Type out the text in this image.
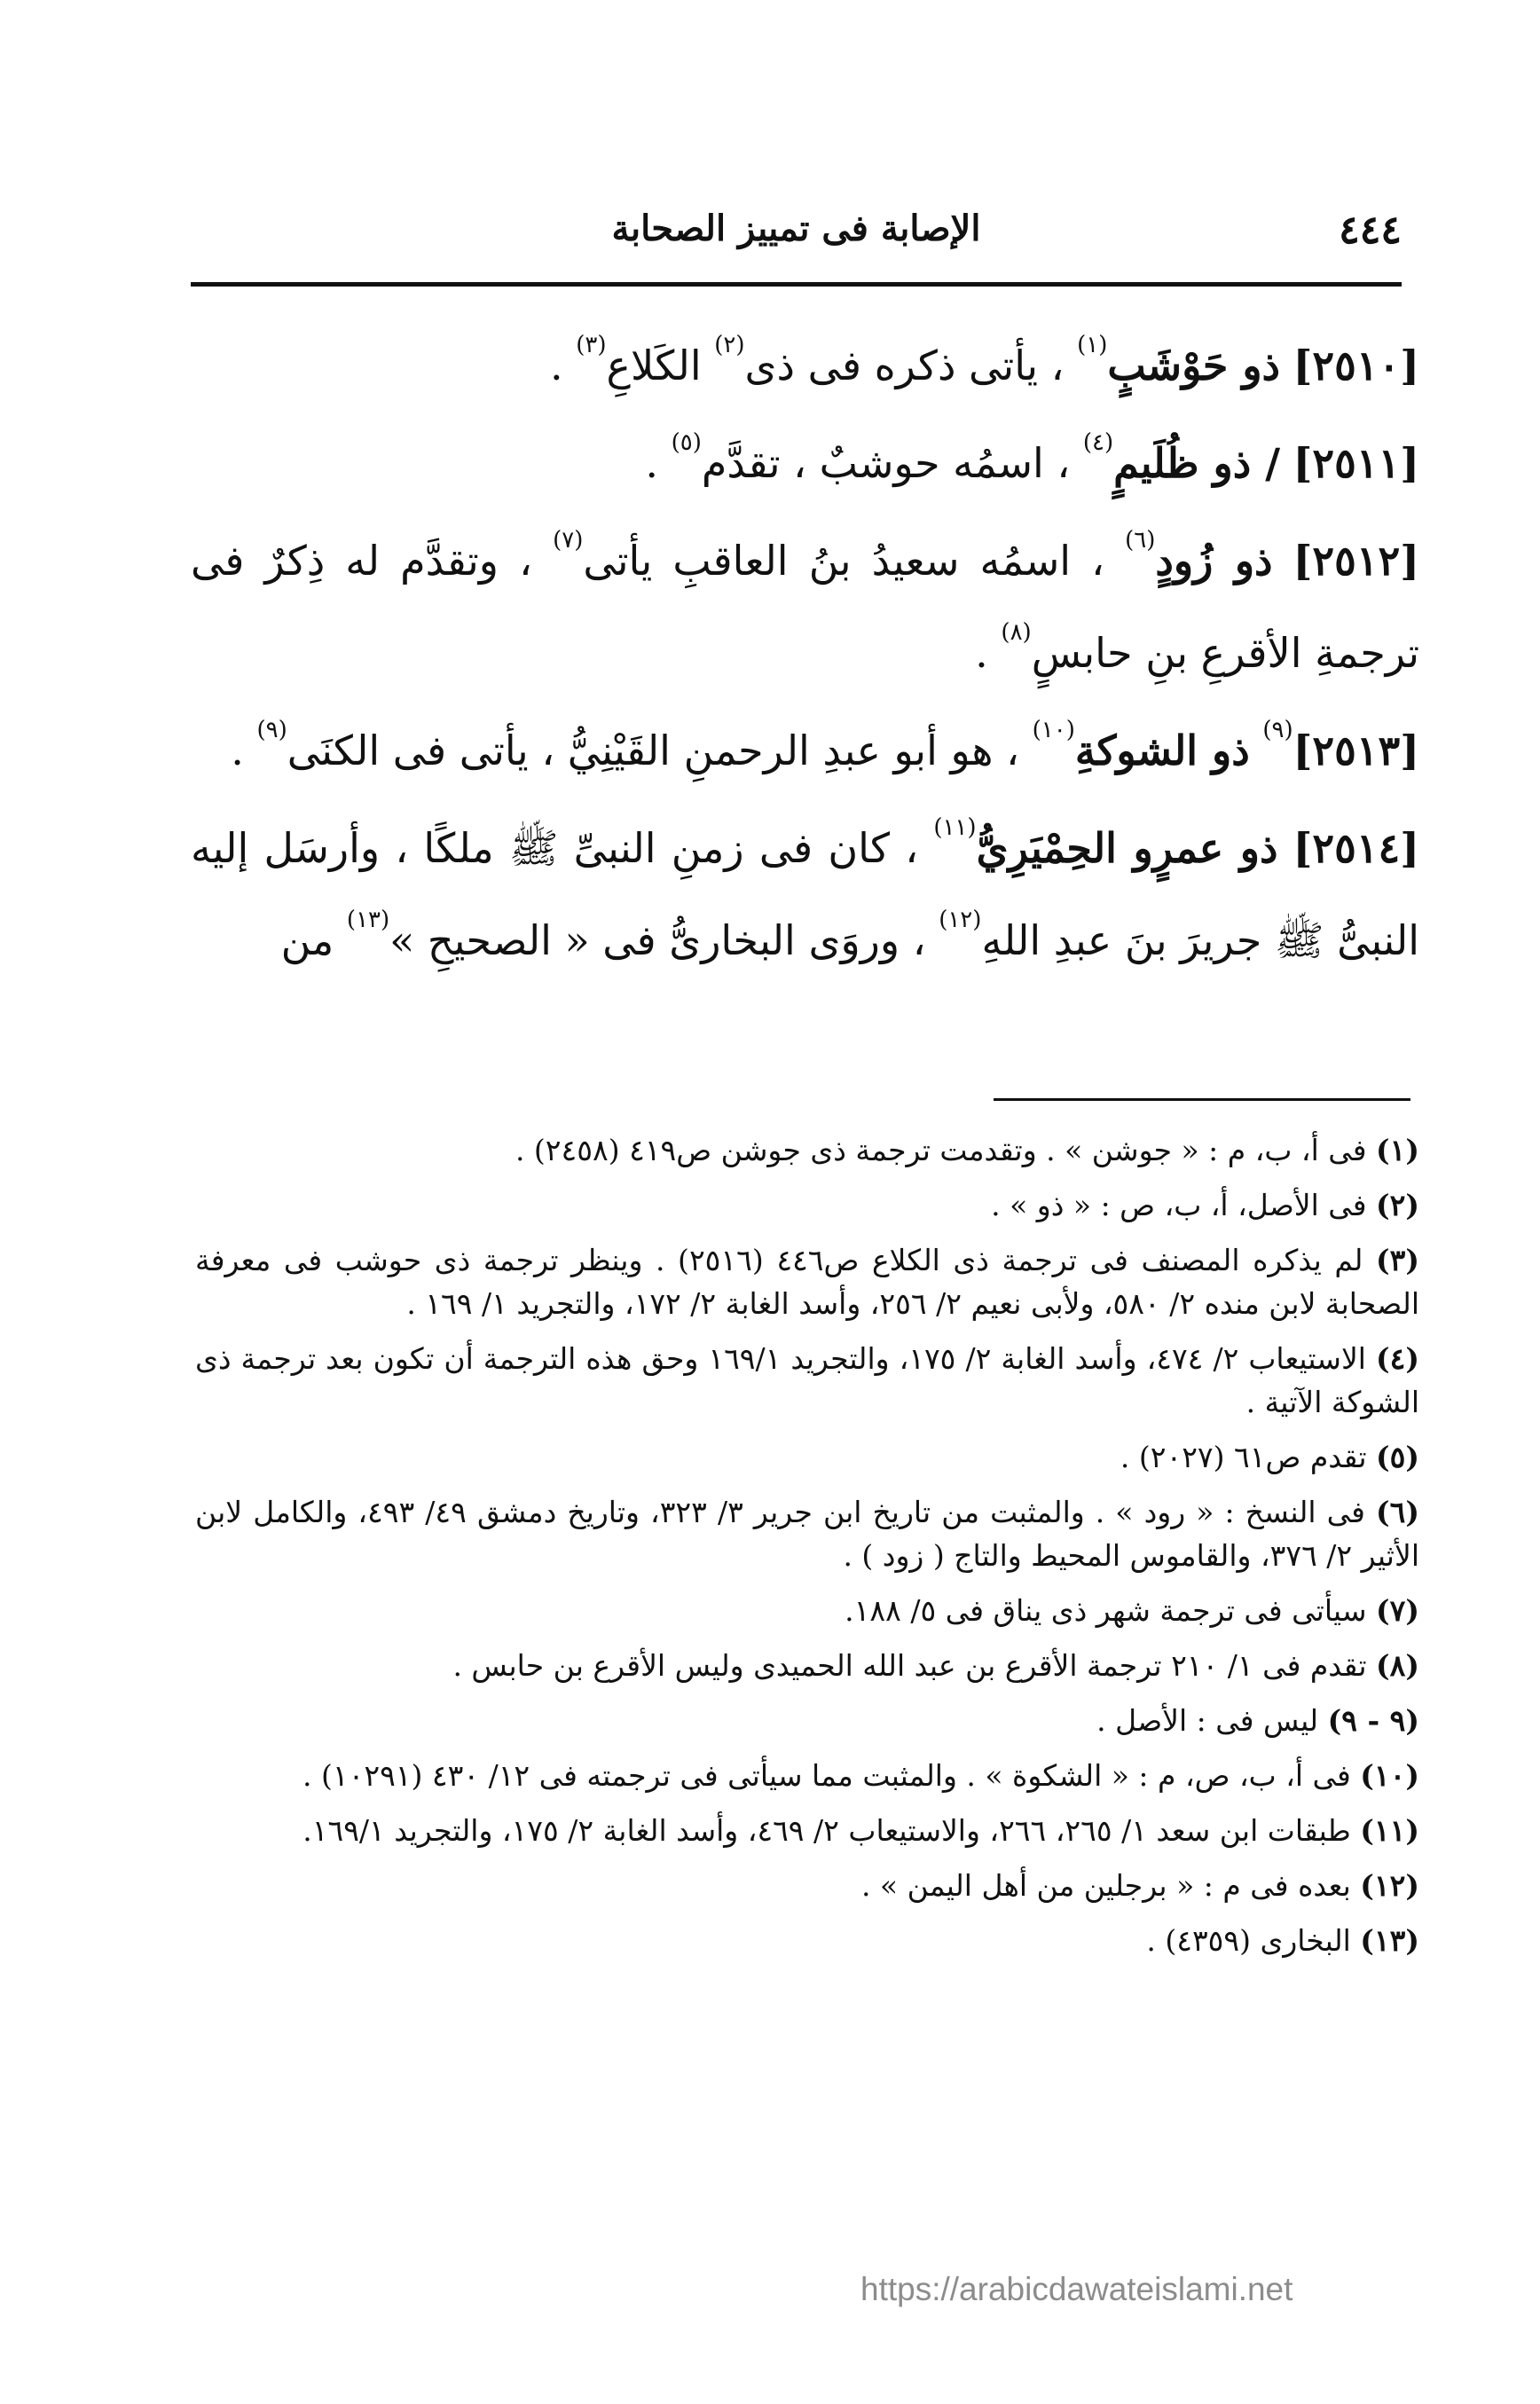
٤٤٤
الإصابة فى تمييز الصحابة

[٢٥١٠] ذو حَوْشَبٍ$^{(١)}$ ، يأتى ذكره فى ذى$^{(٢)}$ الكَلاعِ$^{(٣)}$ .

[٢٥١١] / ذو ظُلَيمٍ$^{(٤)}$ ، اسمُه حوشبٌ ، تقدَّم$^{(٥)}$ .

[٢٥١٢] ذو زُودٍ$^{(٦)}$ ، اسمُه سعيدُ بنُ العاقبِ يأتى$^{(٧)}$ ، وتقدَّم له ذِكرٌ فى ترجمةِ الأقرعِ بنِ حابسٍ$^{(٨)}$ .

[٢٥١٣]$^{(٩)}$ ذو الشوكةِ$^{(١٠)}$ ، هو أبو عبدِ الرحمنِ القَيْنِيُّ ، يأتى فى الكنَى$^{(٩)}$ .

[٢٥١٤] ذو عمرٍو الحِمْيَرِيُّ$^{(١١)}$ ، كان فى زمنِ النبىِّ ﷺ ملكًا ، وأرسَل إليه النبىُّ ﷺ جريرَ بنَ عبدِ اللهِ$^{(١٢)}$ ، وروَى البخارىُّ فى « الصحيحِ »$^{(١٣)}$ من

(١) فى أ، ب، م : « جوشن » . وتقدمت ترجمة ذى جوشن ص٤١٩ (٢٤٥٨) .

(٢) فى الأصل، أ، ب، ص : « ذو » .

(٣) لم يذكره المصنف فى ترجمة ذى الكلاع ص٤٤٦ (٢٥١٦) . وينظر ترجمة ذى حوشب فى معرفة الصحابة لابن منده ٢/ ٥٨٠، ولأبى نعيم ٢/ ٢٥٦، وأسد الغابة ٢/ ١٧٢، والتجريد ١/ ١٦٩ .

(٤) الاستيعاب ٢/ ٤٧٤، وأسد الغابة ٢/ ١٧٥، والتجريد ١٦٩/١ وحق هذه الترجمة أن تكون بعد ترجمة ذى الشوكة الآتية .

(٥) تقدم ص٦١ (٢٠٢٧) .

(٦) فى النسخ : « رود » . والمثبت من تاريخ ابن جرير ٣/ ٣٢٣، وتاريخ دمشق ٤٩/ ٤٩٣، والكامل لابن الأثير ٢/ ٣٧٦، والقاموس المحيط والتاج ( زود ) .

(٧) سيأتى فى ترجمة شهر ذى يناق فى ٥/ ١٨٨.

(٨) تقدم فى ١/ ٢١٠ ترجمة الأقرع بن عبد الله الحميدى وليس الأقرع بن حابس .

(٩ - ٩) ليس فى : الأصل .

(١٠) فى أ، ب، ص، م : « الشكوة » . والمثبت مما سيأتى فى ترجمته فى ١٢/ ٤٣٠ (١٠٢٩١) .

(١١) طبقات ابن سعد ١/ ٢٦٥، ٢٦٦، والاستيعاب ٢/ ٤٦٩، وأسد الغابة ٢/ ١٧٥، والتجريد ١٦٩/١.

(١٢) بعده فى م : « برجلين من أهل اليمن » .

(١٣) البخارى (٤٣٥٩) .

https://arabicdawateislami.net
